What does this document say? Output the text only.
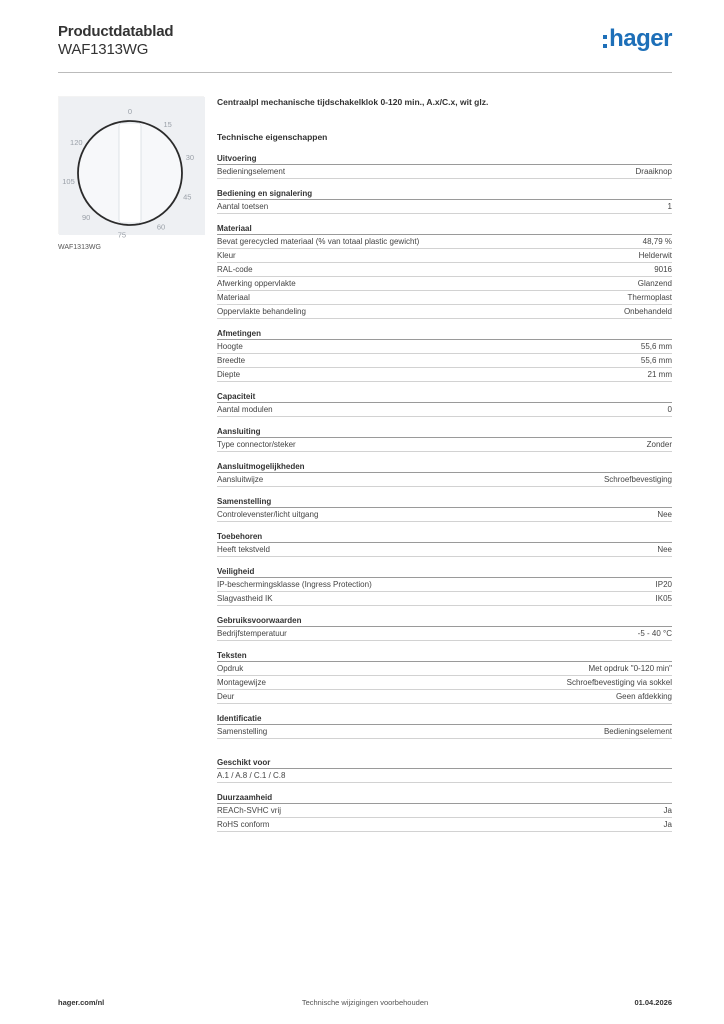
Productdatablad
WAF1313WG	hager
0
15
30
45
60
75
90
105
120
WAF1313WG
Centraalpl mechanische tijdschakelklok 0-120 min., A.x/C.x, wit glz.
Technische eigenschappen
Uitvoering
Bedieningselement	Draaiknop
Bediening en signalering
Aantal toetsen	1
Materiaal
Bevat gerecycled materiaal (% van totaal plastic gewicht)	48,79 %
Kleur	Helderwit
RAL-code	9016
Afwerking oppervlakte	Glanzend
Materiaal	Thermoplast
Oppervlakte behandeling	Onbehandeld
Afmetingen
Hoogte	55,6 mm
Breedte	55,6 mm
Diepte	21 mm
Capaciteit
Aantal modulen	0
Aansluiting
Type connector/steker	Zonder
Aansluitmogelijkheden
Aansluitwijze	Schroefbevestiging
Samenstelling
Controlevenster/licht uitgang	Nee
Toebehoren
Heeft tekstveld	Nee
Veiligheid
IP-beschermingsklasse (Ingress Protection)	IP20
Slagvastheid IK	IK05
Gebruiksvoorwaarden
Bedrijfstemperatuur	-5 - 40 °C
Teksten
Opdruk	Met opdruk "0-120 min"
Montagewijze	Schroefbevestiging via sokkel
Deur	Geen afdekking
Identificatie
Samenstelling	Bedieningselement
Geschikt voor
A.1 / A.8 / C.1 / C.8
Duurzaamheid
REACh-SVHC vrij	Ja
RoHS conform	Ja
Technische wijzigingen voorbehouden
hager.com/nl	01.04.2026
